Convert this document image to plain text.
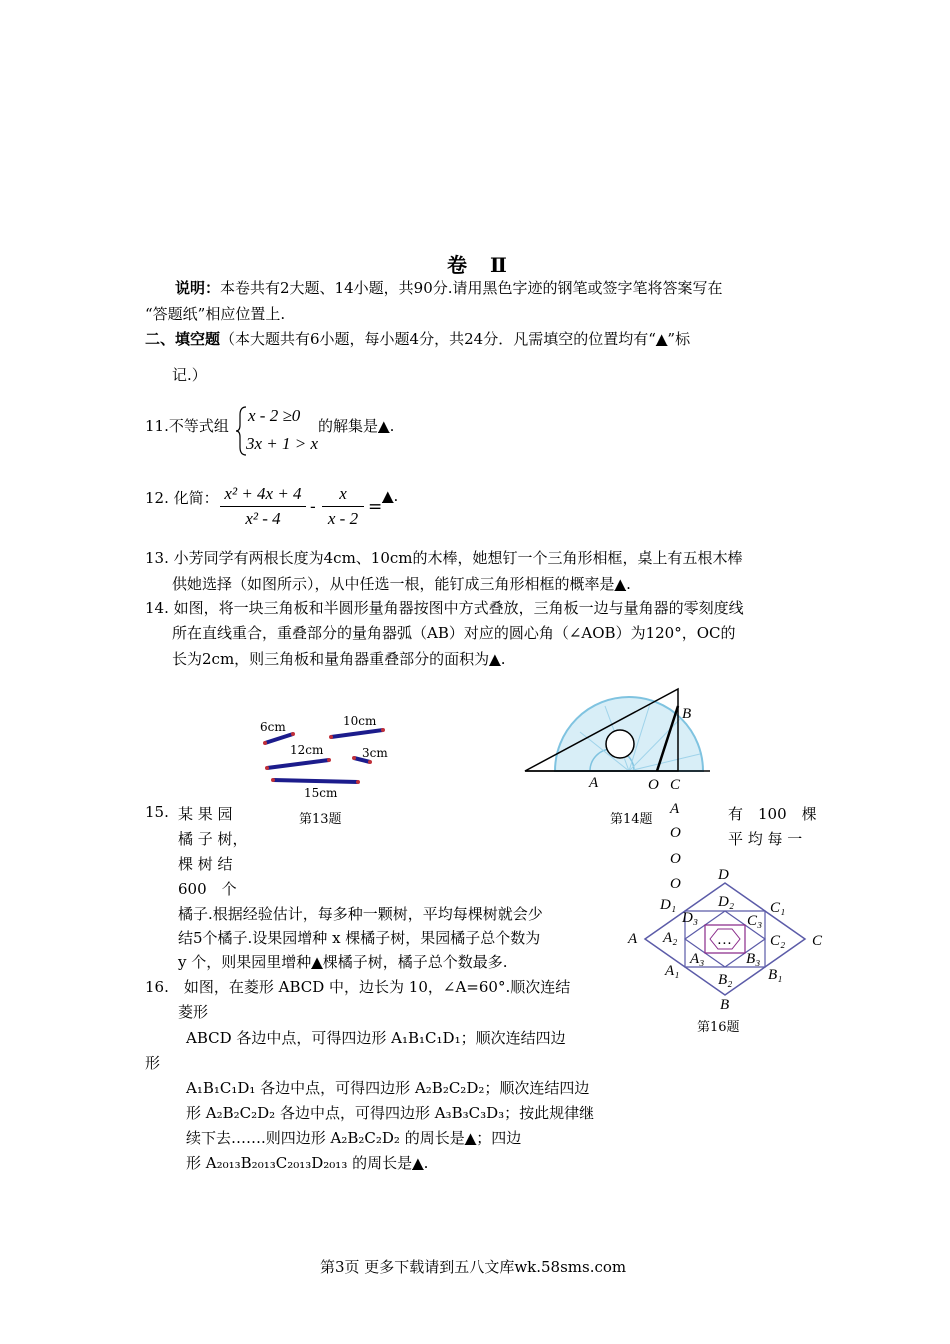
卷 Ⅱ
说明：本卷共有2大题、14小题，共90分.请用黑色字迹的钢笔或签字笔将答案写在
“答题纸”相应位置上.
二、填空题（本大题共有6小题，每小题4分，共24分．凡需填空的位置均有“▲”标
记.）
11.不等式组
x - 2 ≥0
3x + 1 > x
的解集是▲.
12. 化简： x² + 4x + 4
x² - 4
-
x
x - 2
=
▲.
13. 小芳同学有两根长度为4cm、10cm的木棒，她想钉一个三角形相框，桌上有五根木棒
供她选择（如图所示），从中任选一根，能钉成三角形相框的概率是▲.
14. 如图，将一块三角板和半圆形量角器按图中方式叠放，三角板一边与量角器的零刻度线
所在直线重合，重叠部分的量角器弧（AB）对应的圆心角（∠AOB）为120°，OC的
长为2cm，则三角板和量角器重叠部分的面积为▲.
6cm	10cm
12cm	3cm
15cm
第13题
B
A	O C
第14题
A
O
O
O
15. 某 果 园
橘 子 树，
棵 树 结
600　个
有　100　棵
平 均 每 一
橘子.根据经验估计，每多种一颗树，平均每棵树就会少
结5个橘子.设果园增种 x 棵橘子树，果园橘子总个数为
y 个，则果园里增种▲棵橘子树，橘子总个数最多.
16.　如图，在菱形 ABCD 中，边长为 10，∠A=60°.顺次连结
菱形
ABCD 各边中点，可得四边形 A₁B₁C₁D₁；顺次连结四边
形
A₁B₁C₁D₁ 各边中点，可得四边形 A₂B₂C₂D₂；顺次连结四边
形 A₂B₂C₂D₂ 各边中点，可得四边形 A₃B₃C₃D₃；按此规律继
续下去…….则四边形 A₂B₂C₂D₂ 的周长是▲；四边
形 A₂₀₁₃B₂₀₁₃C₂₀₁₃D₂₀₁₃ 的周长是▲.
D
D₁	D₂
D₃
C₁
C₃
A A₂	…	C₂ C
A₃	B₃
A₁	B₁
B₂
B
第16题
第3页 更多下载请到五八文库wk.58sms.com
